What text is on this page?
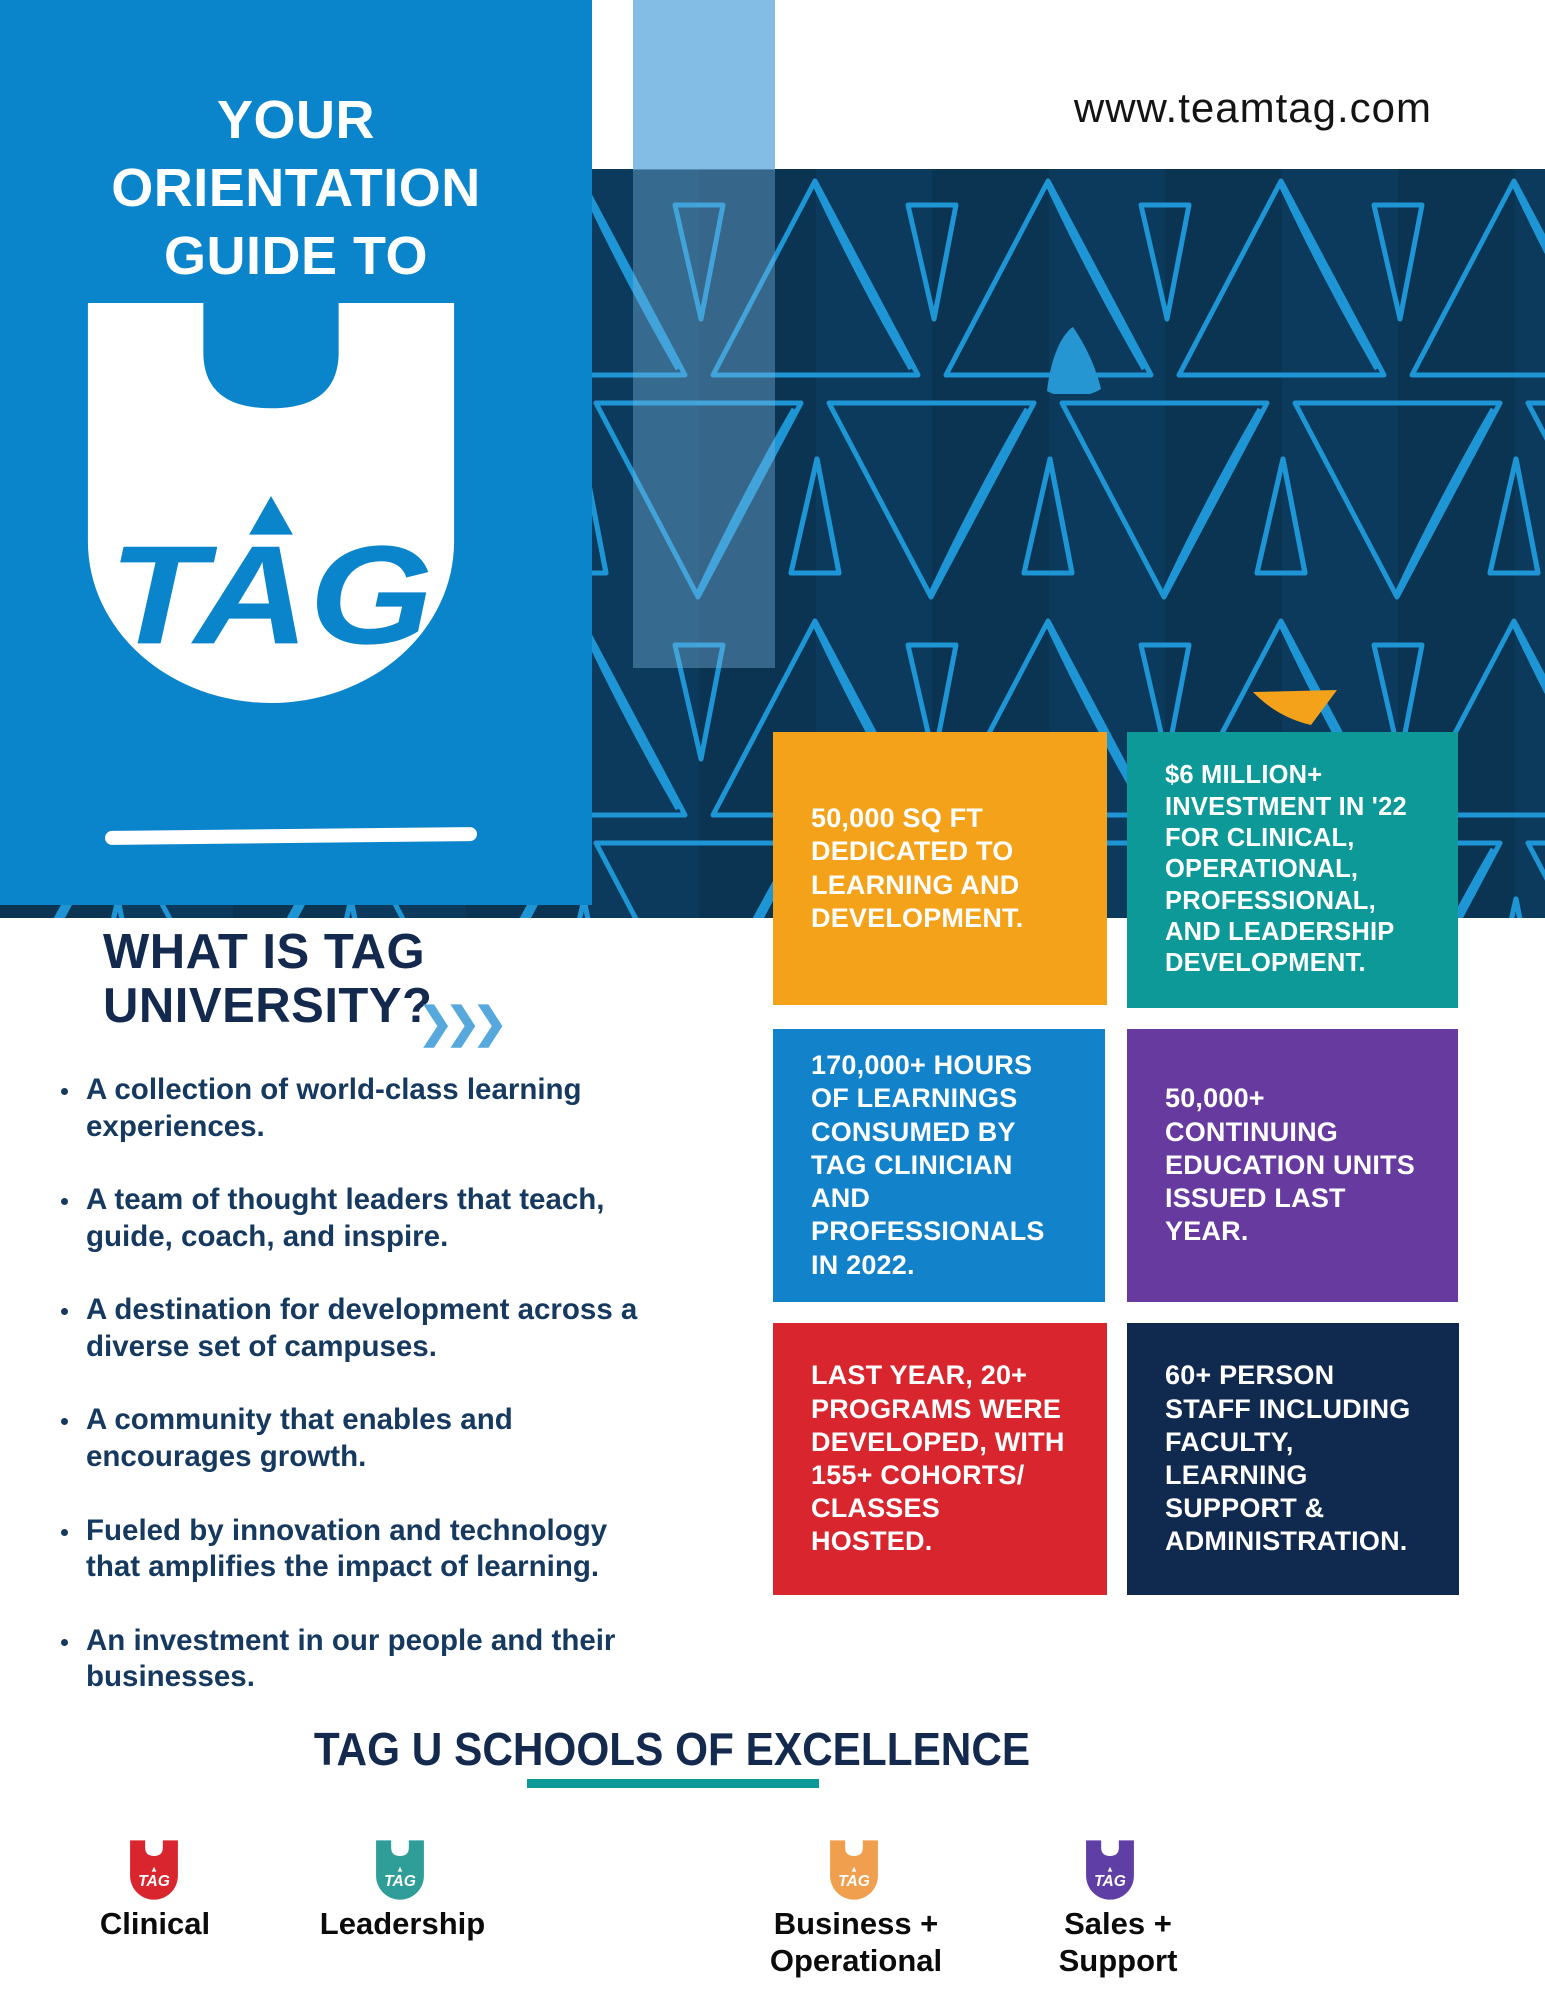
YOUR
ORIENTATION
GUIDE TO
TAG
www.teamtag.com
50,000 SQ FT DEDICATED TO LEARNING AND DEVELOPMENT.
$6 MILLION+ INVESTMENT IN '22 FOR CLINICAL, OPERATIONAL, PROFESSIONAL, AND LEADERSHIP DEVELOPMENT.
170,000+ HOURS OF LEARNINGS CONSUMED BY TAG CLINICIAN AND PROFESSIONALS IN 2022.
50,000+ CONTINUING EDUCATION UNITS ISSUED LAST YEAR.
LAST YEAR, 20+ PROGRAMS WERE DEVELOPED, WITH 155+ COHORTS/ CLASSES HOSTED.
60+ PERSON STAFF INCLUDING FACULTY, LEARNING SUPPORT & ADMINISTRATION.
WHAT IS TAG
UNIVERSITY?
❯❯❯
• A collection of world-class learning experiences.
• A team of thought leaders that teach, guide, coach, and inspire.
• A destination for development across a diverse set of campuses.
• A community that enables and encourages growth.
• Fueled by innovation and technology that amplifies the impact of learning.
• An investment in our people and their businesses.
TAG U SCHOOLS OF EXCELLENCE
Clinical	Leadership	Business + Operational
Sales + Support
